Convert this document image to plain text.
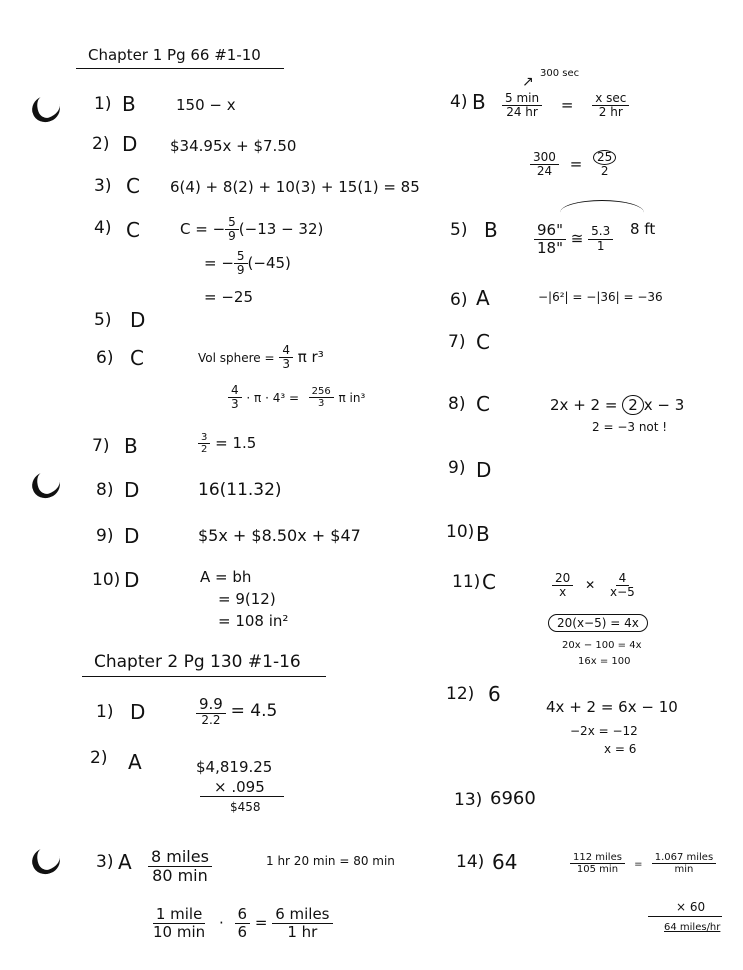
Chapter 1 Pg 66 #1-10
1) B	150 − x
2) D $34.95x + $7.50
3) C 6(4) + 8(2) + 10(3) + 15(1) = 85
4) C	C = − $\frac{5}{9} (-13 - 32)$
= − $\frac{5}{9} (-45)$
= −25
5) D
6) C	Vol sphere = $\frac{4}{3}$ π r³
$\frac{4}{3} \cdot \pi \cdot 4^3 = \frac{256}{3}$ π in³
7) B	$\frac{3}{2} = 1.5$
8) D	16(11.32)
9) D	$5x + $8.50x + $47
10) D	A = bh
= 9(12)
= 108 in²
Chapter 2 Pg 130 #1-16
1) D	$\frac{9.9}{2.2} = 4.5$
2) A	$4,819.25
× .095
$458
3) A $\frac{\text{8 miles}}{80 \min}$	1 hr 20 min = 80 min
$\frac{\text{1 mile}}{10 \min} \cdot \frac{6}{6} = \frac{\text{6 miles}}{1 hr}$
300 sec
↗
4) B $\frac{5 \min}{24 hr} = \frac{\text{x sec}}{2 hr}$
$\frac{300}{24} = \frac{25}{2}$
5) B $\frac{96"}{18"}$ ≅ $\frac{5.3}{1} 8$ ft
6) A	−|6²| = −|36| = −36
7) C
8) C	2x + 2 = 2 x − 3
2 = −3 not !
9) D
10) B
11) C	$\frac{20}{x}$ ✕ $\frac{4}{x-5}$
20(x−5) = 4x
20x − 100 = 4x
16x = 100
12) 6
4x + 2 = 6x − 10
−2x = −12
x = 6
13) 6960
14) 64	$\frac{\text{112 miles}}{105 \min} = \frac{\text{1.067 miles}}{\min}$
× 60
64 miles/hr
